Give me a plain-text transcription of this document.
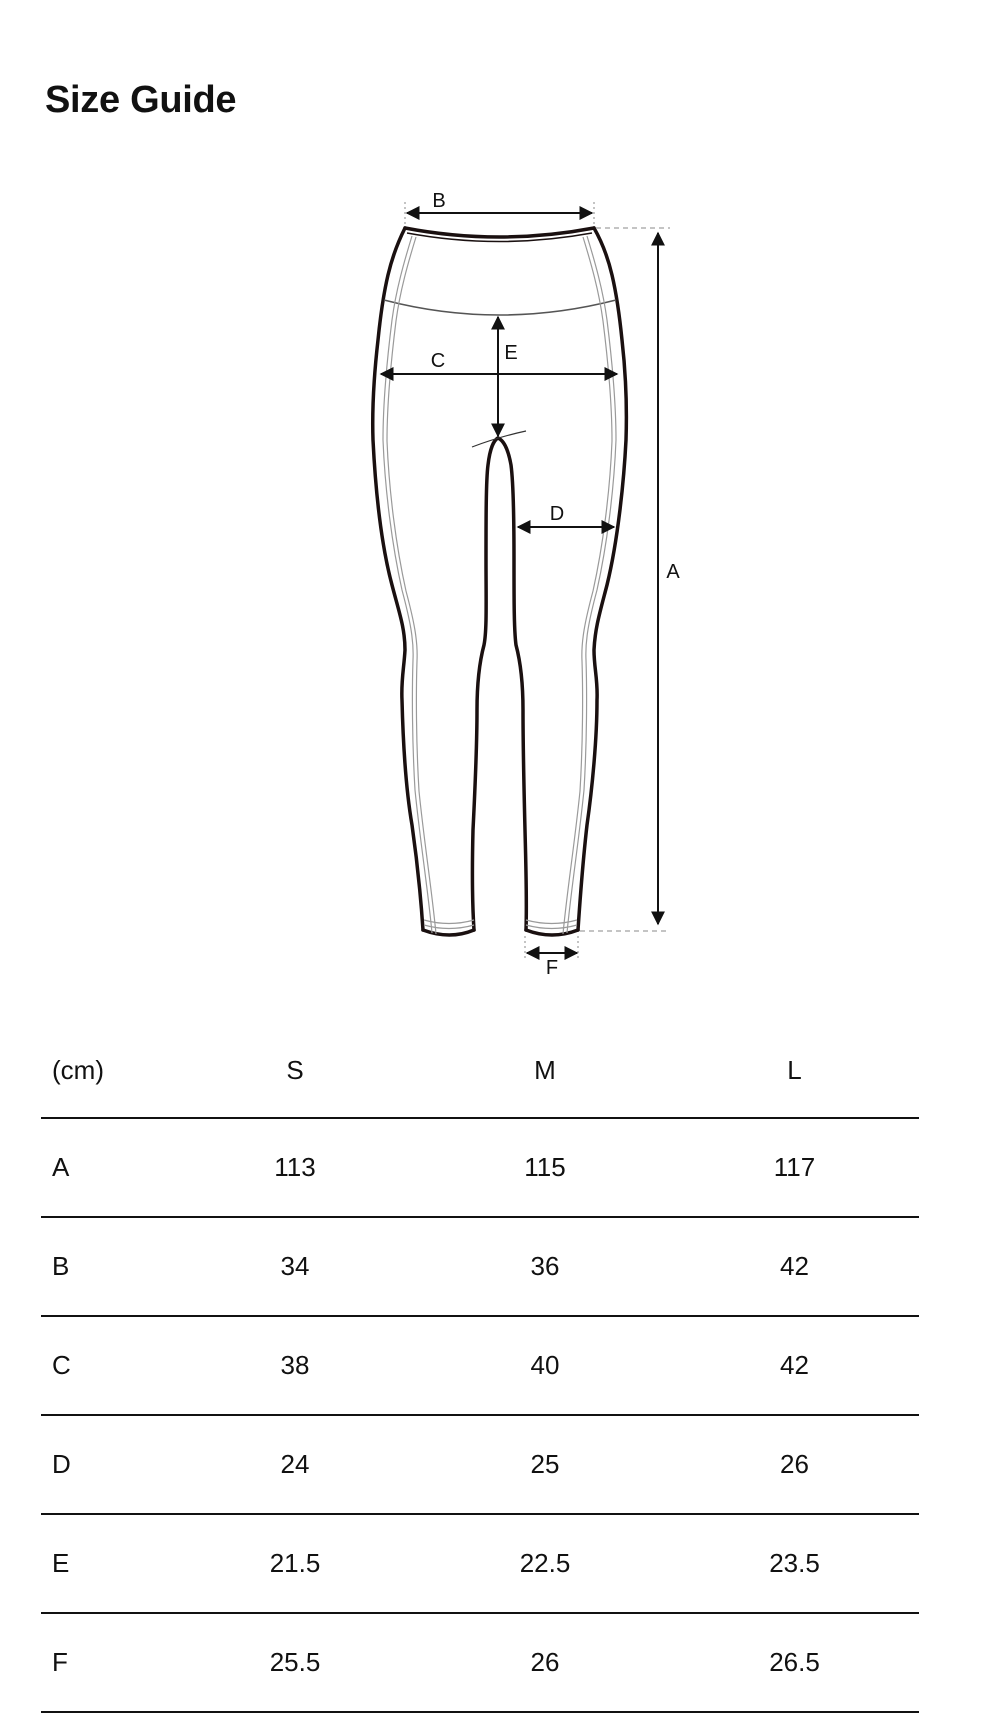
Size Guide
B
C	E
D
A
F
(cm)	S	M	L
A	113	115	117
B	34	36	42
C	38	40	42
D	24	25	26
E	21.5	22.5	23.5
F	25.5	26	26.5
